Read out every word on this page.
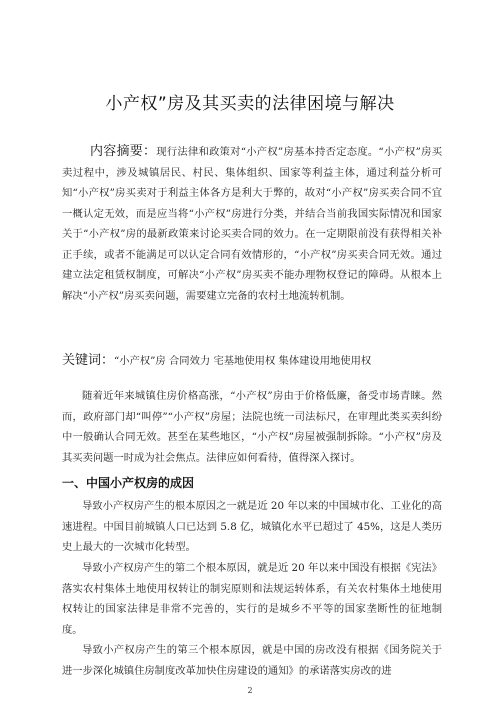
小产权”房及其买卖的法律困境与解决
内容摘要：现行法律和政策对“小产权”房基本持否定态度。“小产权”房买卖过程中，涉及城镇居民、村民、集体组织、国家等利益主体，通过利益分析可知“小产权”房买卖对于利益主体各方是利大于弊的，故对“小产权”房买卖合同不宜一概认定无效，而是应当将“小产权”房进行分类，并结合当前我国实际情况和国家关于“小产权”房的最新政策来讨论买卖合同的效力。在一定期限前没有获得相关补正手续，或者不能满足可以认定合同有效情形的，“小产权”房买卖合同无效。通过建立法定租赁权制度，可解决“小产权”房买卖不能办理物权登记的障碍。从根本上解决“小产权”房买卖问题，需要建立完备的农村土地流转机制。
关键词：“小产权”房 合同效力 宅基地使用权 集体建设用地使用权
随着近年来城镇住房价格高涨，“小产权”房由于价格低廉，备受市场青睐。然而，政府部门却“叫停”“小产权”房屋；法院也统一司法标尺，在审理此类买卖纠纷中一般确认合同无效。甚至在某些地区，“小产权”房屋被强制拆除。“小产权”房及其买卖问题一时成为社会焦点。法律应如何看待，值得深入探讨。
一、中国小产权房的成因
导致小产权房产生的根本原因之一就是近 20 年以来的中国城市化、工业化的高速进程。中国目前城镇人口已达到 5.8 亿，城镇化水平已超过了 45%，这是人类历史上最大的一次城市化转型。
导致小产权房产生的第二个根本原因，就是近 20 年以来中国没有根据《宪法》落实农村集体土地使用权转让的制宪原则和法规运转体系，有关农村集体土地使用权转让的国家法律是非常不完善的，实行的是城乡不平等的国家垄断性的征地制度。
导致小产权房产生的第三个根本原因，就是中国的房改没有根据《国务院关于进一步深化城镇住房制度改革加快住房建设的通知》的承诺落实房改的进
2
